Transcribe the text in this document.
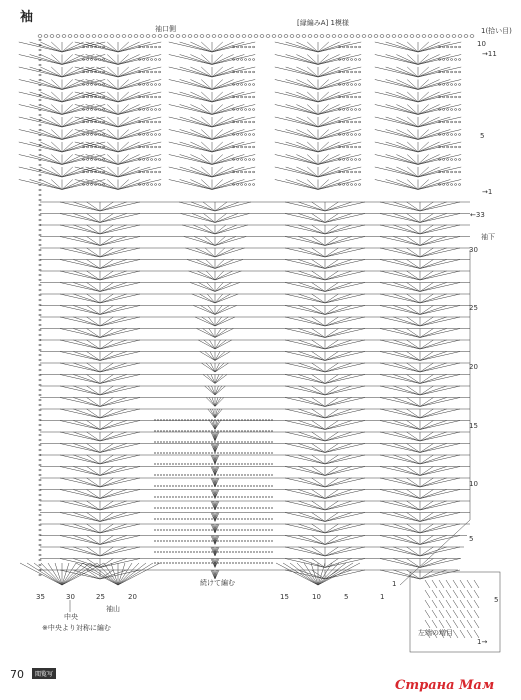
袖
袖口側
[縁編みA] 1模様
1(拾い目)
10
→11
5
→1
←33
袖下
30
25
20
15
10
5
1
続けて編む
35	30	25	20	15	10	5	1
中央
袖山
※中央より対称に編む
左端の増目
5
1→
70	閲覧写
Страна Мам
